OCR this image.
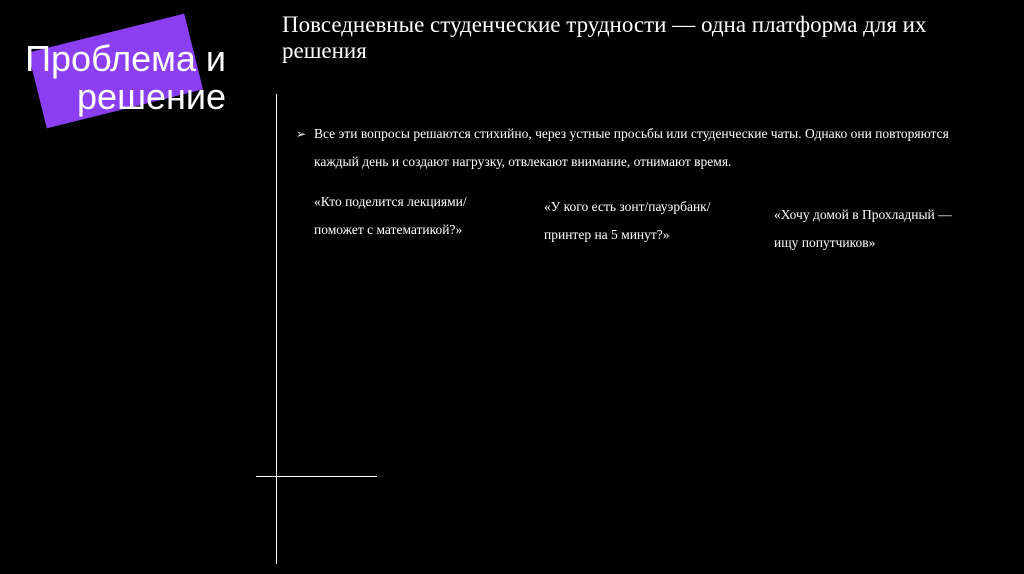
Проблема и
решение
Повседневные студенческие трудности — одна платформа для их решения
➢ Все эти вопросы решаются стихийно, через устные просьбы или студенческие чаты. Однако они повторяются каждый день и создают нагрузку, отвлекают внимание, отнимают время.
«Кто поделится лекциями/поможет с математикой?»
«У кого есть зонт/пауэрбанк/принтер на 5 минут?»
«Хочу домой в Прохладный — ищу попутчиков»
